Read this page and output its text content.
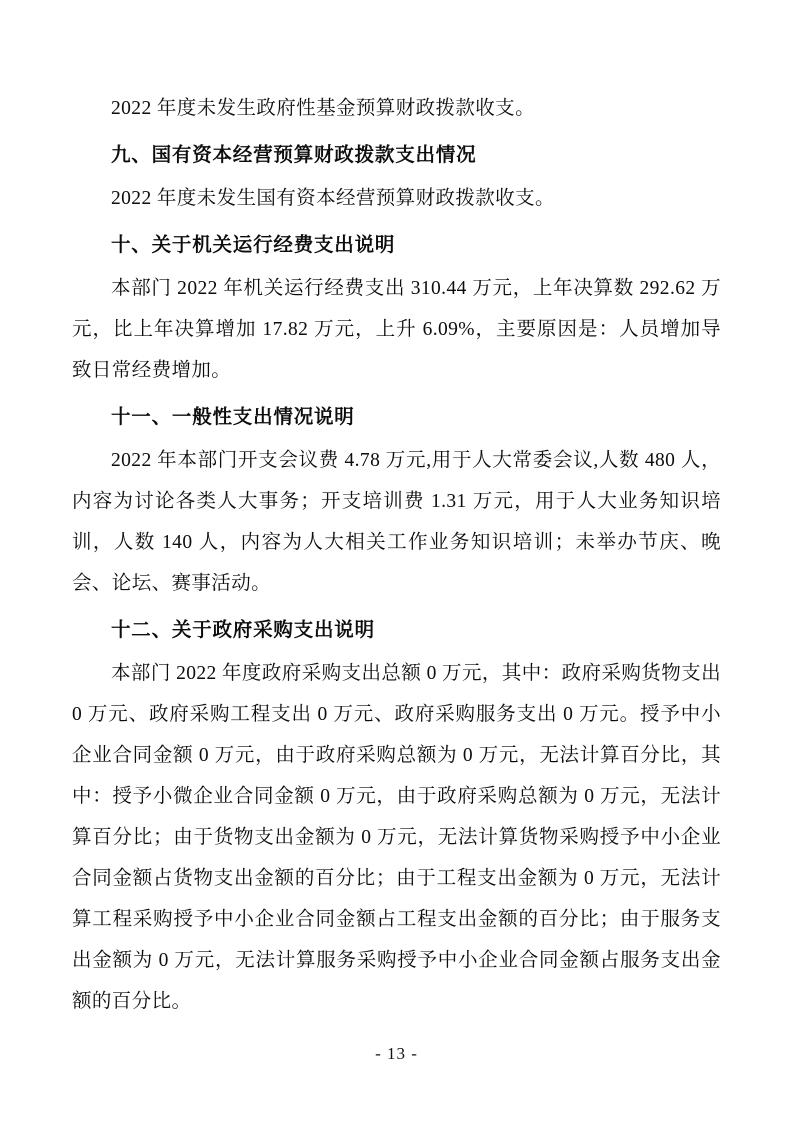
2022 年度未发生政府性基金预算财政拨款收支。

九、国有资本经营预算财政拨款支出情况

2022 年度未发生国有资本经营预算财政拨款收支。

十、关于机关运行经费支出说明

本部门 2022 年机关运行经费支出 310.44 万元，上年决算数 292.62 万元，比上年决算增加 17.82 万元，上升 6.09%，主要原因是：人员增加导致日常经费增加。

十一、一般性支出情况说明

2022 年本部门开支会议费 4.78 万元,用于人大常委会议,人数 480 人，内容为讨论各类人大事务；开支培训费 1.31 万元，用于人大业务知识培训，人数 140 人，内容为人大相关工作业务知识培训；未举办节庆、晚会、论坛、赛事活动。

十二、关于政府采购支出说明

本部门 2022 年度政府采购支出总额 0 万元，其中：政府采购货物支出 0 万元、政府采购工程支出 0 万元、政府采购服务支出 0 万元。授予中小企业合同金额 0 万元，由于政府采购总额为 0 万元，无法计算百分比，其中：授予小微企业合同金额 0 万元，由于政府采购总额为 0 万元，无法计算百分比；由于货物支出金额为 0 万元，无法计算货物采购授予中小企业合同金额占货物支出金额的百分比；由于工程支出金额为 0 万元，无法计算工程采购授予中小企业合同金额占工程支出金额的百分比；由于服务支出金额为 0 万元，无法计算服务采购授予中小企业合同金额占服务支出金额的百分比。

- 13 -
